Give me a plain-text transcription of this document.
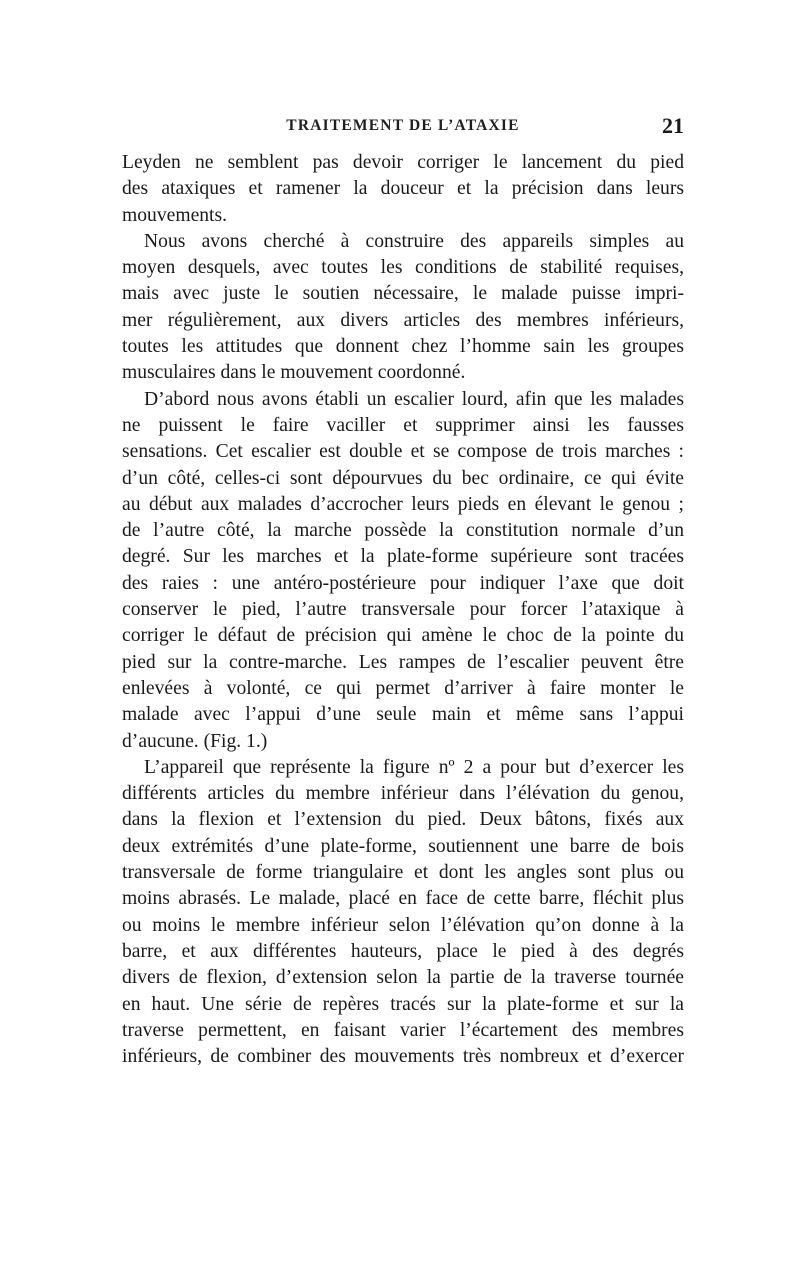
TRAITEMENT DE L’ATAXIE	21
Leyden ne semblent pas devoir corriger le lancement du pied
des ataxiques et ramener la douceur et la précision dans leurs
mouvements.
Nous avons cherché à construire des appareils simples au
moyen desquels, avec toutes les conditions de stabilité requises,
mais avec juste le soutien nécessaire, le malade puisse impri-
mer régulièrement, aux divers articles des membres inférieurs,
toutes les attitudes que donnent chez l’homme sain les groupes
musculaires dans le mouvement coordonné.
D’abord nous avons établi un escalier lourd, afin que les malades
ne puissent le faire vaciller et supprimer ainsi les fausses
sensations. Cet escalier est double et se compose de trois marches :
d’un côté, celles-ci sont dépourvues du bec ordinaire, ce qui évite
au début aux malades d’accrocher leurs pieds en élevant le genou ;
de l’autre côté, la marche possède la constitution normale d’un
degré. Sur les marches et la plate-forme supérieure sont tracées
des raies : une antéro-postérieure pour indiquer l’axe que doit
conserver le pied, l’autre transversale pour forcer l’ataxique à
corriger le défaut de précision qui amène le choc de la pointe du
pied sur la contre-marche. Les rampes de l’escalier peuvent être
enlevées à volonté, ce qui permet d’arriver à faire monter le
malade avec l’appui d’une seule main et même sans l’appui
d’aucune. (Fig. 1.)
L’appareil que représente la figure nº 2 a pour but d’exercer les
différents articles du membre inférieur dans l’élévation du genou,
dans la flexion et l’extension du pied. Deux bâtons, fixés aux
deux extrémités d’une plate-forme, soutiennent une barre de bois
transversale de forme triangulaire et dont les angles sont plus ou
moins abrasés. Le malade, placé en face de cette barre, fléchit plus
ou moins le membre inférieur selon l’élévation qu’on donne à la
barre, et aux différentes hauteurs, place le pied à des degrés
divers de flexion, d’extension selon la partie de la traverse tournée
en haut. Une série de repères tracés sur la plate-forme et sur la
traverse permettent, en faisant varier l’écartement des membres
inférieurs, de combiner des mouvements très nombreux et d’exercer
